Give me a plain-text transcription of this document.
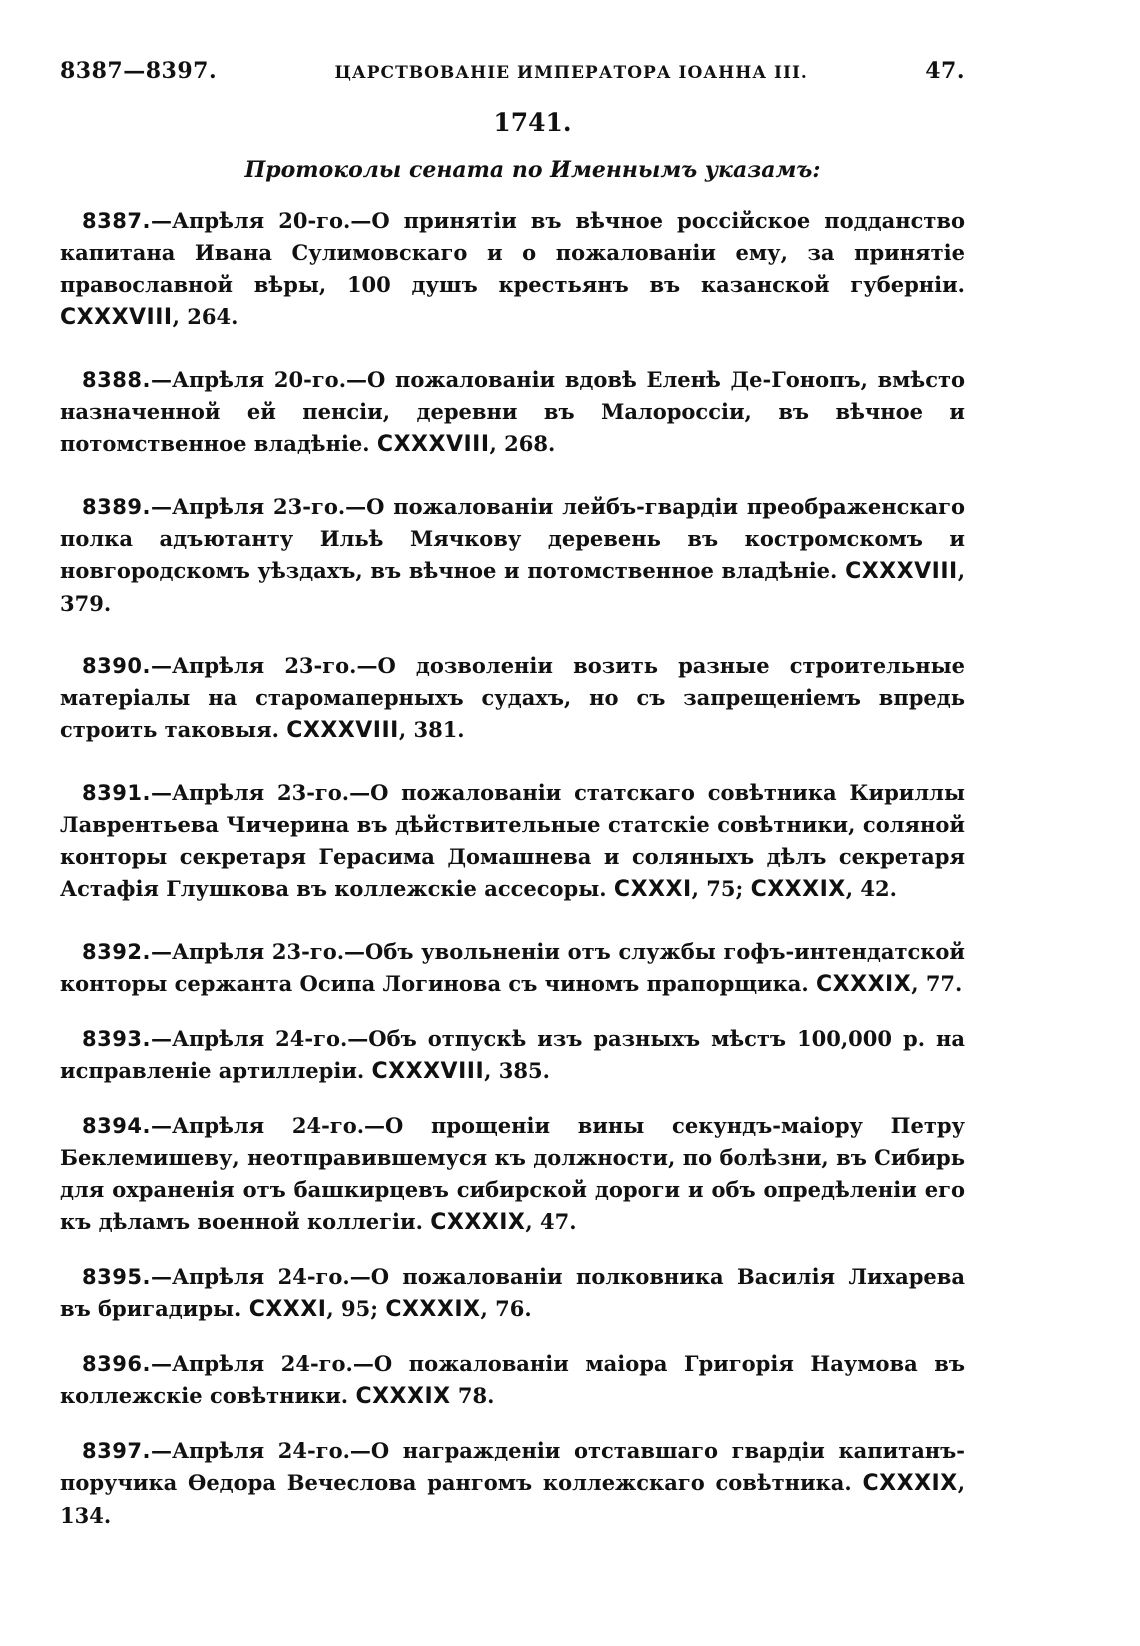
8387—8397.	ЦАРСТВОВАНІЕ ИМПЕРАТОРА ІОАННА III.	47.
1741.
Протоколы сената по Именнымъ указамъ:
8387.—Апрѣля 20-го.—О принятіи въ вѣчное россійское подданство капитана Ивана Сулимовскаго и о пожалованіи ему, за принятіе православной вѣры, 100 душъ крестьянъ въ казанской губерніи. CXXXVIII, 264.
8388.—Апрѣля 20-го.—О пожалованіи вдовѣ Еленѣ Де-Гонопъ, вмѣсто назначенной ей пенсіи, деревни въ Малороссіи, въ вѣчное и потомственное владѣніе. CXXXVIII, 268.
8389.—Апрѣля 23-го.—О пожалованіи лейбъ-гвардіи преображенскаго полка адъютанту Ильѣ Мячкову деревень въ костромскомъ и новгородскомъ уѣздахъ, въ вѣчное и потомственное владѣніе. CXXXVIII, 379.
8390.—Апрѣля 23-го.—О дозволеніи возить разные строительные матеріалы на старомаперныхъ судахъ, но съ запрещеніемъ впредь строить таковыя. CXXXVIII, 381.
8391.—Апрѣля 23-го.—О пожалованіи статскаго совѣтника Кириллы Лаврентьева Чичерина въ дѣйствительные статскіе совѣтники, соляной конторы секретаря Герасима Домашнева и соляныхъ дѣлъ секретаря Астафія Глушкова въ коллежскіе ассесоры. CXXXI, 75; CXXXIX, 42.
8392.—Апрѣля 23-го.—Объ увольненіи отъ службы гофъ-интендатской конторы сержанта Осипа Логинова съ чиномъ прапорщика. CXXXIX, 77.
8393.—Апрѣля 24-го.—Объ отпускѣ изъ разныхъ мѣстъ 100,000 р. на исправленіе артиллеріи. CXXXVIII, 385.
8394.—Апрѣля 24-го.—О прощеніи вины секундъ-маіору Петру Беклемишеву, неотправившемуся къ должности, по болѣзни, въ Сибирь для охраненія отъ башкирцевъ сибирской дороги и объ опредѣленіи его къ дѣламъ военной коллегіи. CXXXIX, 47.
8395.—Апрѣля 24-го.—О пожалованіи полковника Василія Лихарева въ бригадиры. CXXXI, 95; CXXXIX, 76.
8396.—Апрѣля 24-го.—О пожалованіи маіора Григорія Наумова въ коллежскіе совѣтники. CXXXIX 78.
8397.—Апрѣля 24-го.—О награжденіи отставшаго гвардіи капитанъ-поручика Ѳедора Вечеслова рангомъ коллежскаго совѣтника. CXXXIX, 134.
